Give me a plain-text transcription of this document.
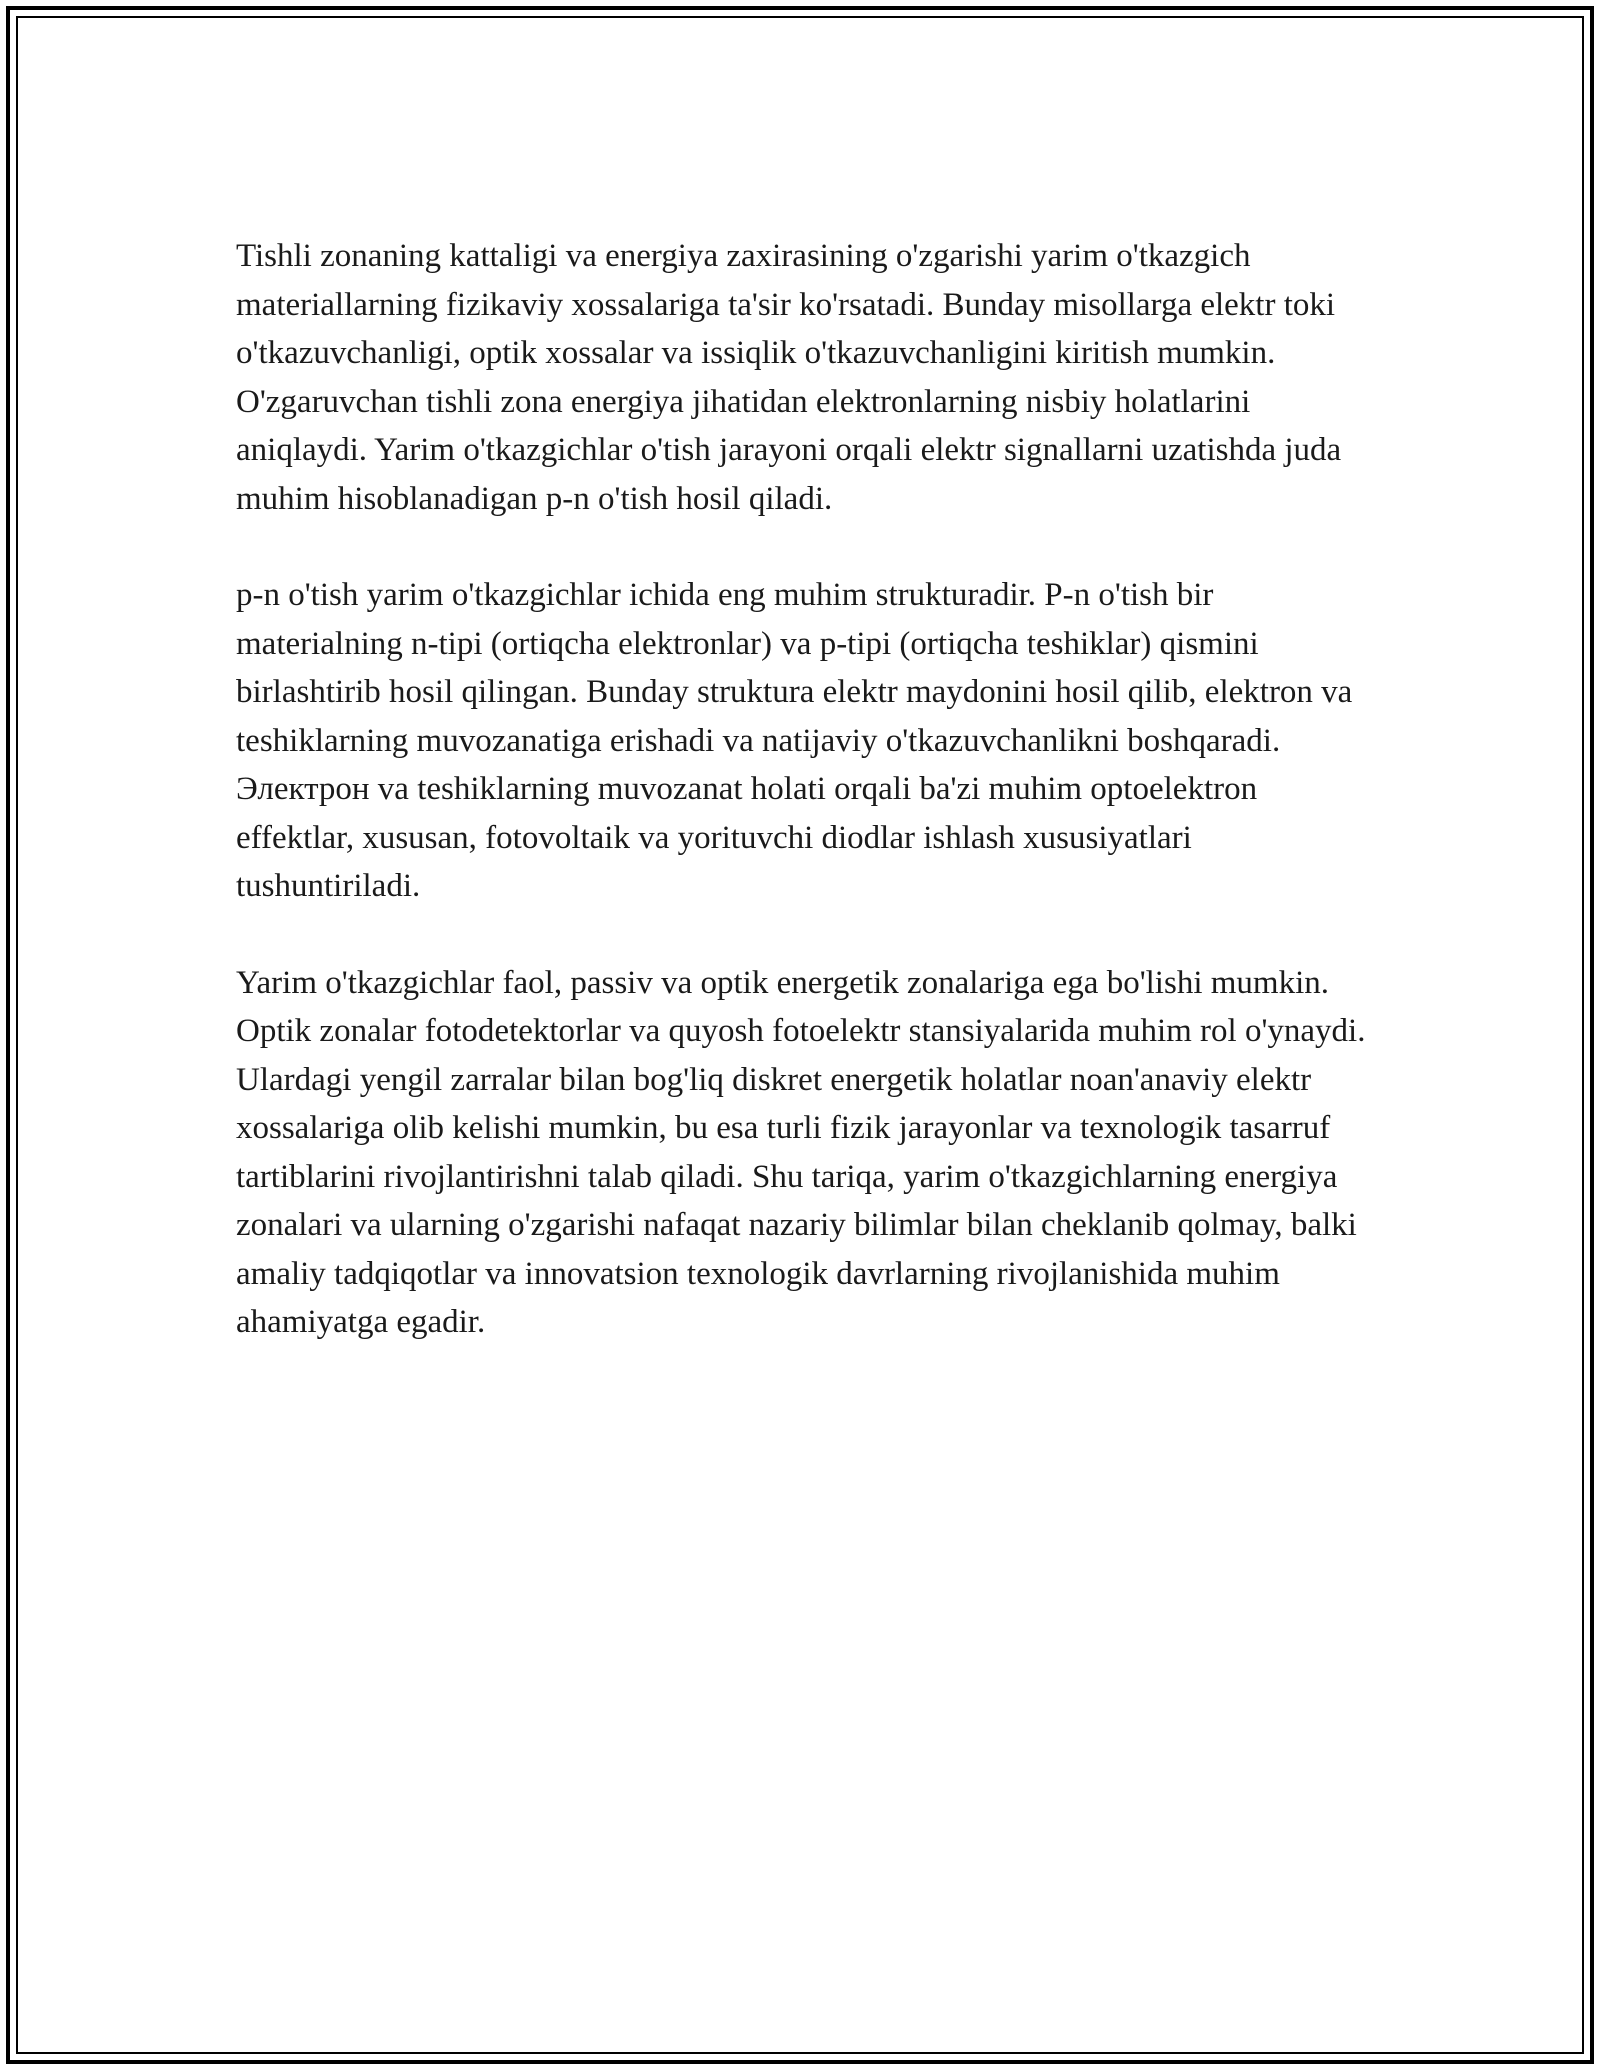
Tishli zonaning kattaligi va energiya zaxirasining o'zgarishi yarim o'tkazgich materiallarning fizikaviy xossalariga ta'sir ko'rsatadi. Bunday misollarga elektr toki o'tkazuvchanligi, optik xossalar va issiqlik o'tkazuvchanligini kiritish mumkin. O'zgaruvchan tishli zona energiya jihatidan elektronlarning nisbiy holatlarini aniqlaydi. Yarim o'tkazgichlar o'tish jarayoni orqali elektr signallarni uzatishda juda muhim hisoblanadigan p-n o'tish hosil qiladi.

p-n o'tish yarim o'tkazgichlar ichida eng muhim strukturadir. P-n o'tish bir materialning n-tipi (ortiqcha elektronlar) va p-tipi (ortiqcha teshiklar) qismini birlashtirib hosil qilingan. Bunday struktura elektr maydonini hosil qilib, elektron va teshiklarning muvozanatiga erishadi va natijaviy o'tkazuvchanlikni boshqaradi. Электрон va teshiklarning muvozanat holati orqali ba'zi muhim optoelektron effektlar, xususan, fotovoltaik va yorituvchi diodlar ishlash xususiyatlari tushuntiriladi.

Yarim o'tkazgichlar faol, passiv va optik energetik zonalariga ega bo'lishi mumkin. Optik zonalar fotodetektorlar va quyosh fotoelektr stansiyalarida muhim rol o'ynaydi. Ulardagi yengil zarralar bilan bog'liq diskret energetik holatlar noan'anaviy elektr xossalariga olib kelishi mumkin, bu esa turli fizik jarayonlar va texnologik tasarruf tartiblarini rivojlantirishni talab qiladi. Shu tariqa, yarim o'tkazgichlarning energiya zonalari va ularning o'zgarishi nafaqat nazariy bilimlar bilan cheklanib qolmay, balki amaliy tadqiqotlar va innovatsion texnologik davrlarning rivojlanishida muhim ahamiyatga egadir.
